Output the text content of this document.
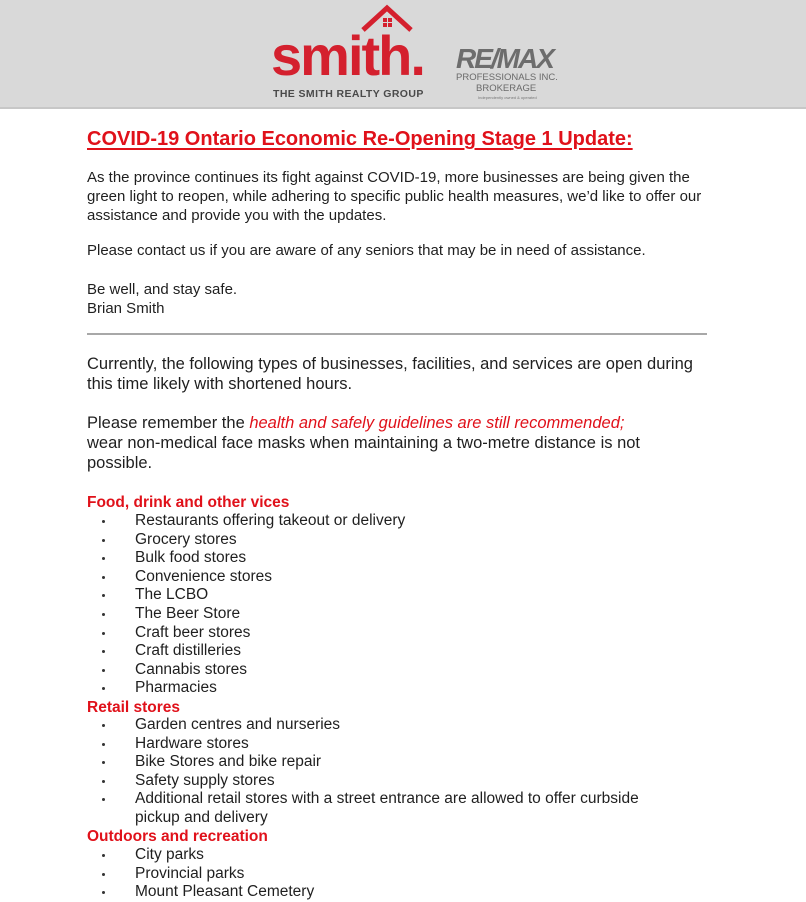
smith.
THE SMITH REALTY GROUP
RE/MAX
PROFESSIONALS INC.
BROKERAGE
Independently owned & operated
COVID-19 Ontario Economic Re-Opening Stage 1 Update:

As the province continues its fight against COVID-19, more businesses are being given the green light to reopen, while adhering to specific public health measures, we’d like to offer our assistance and provide you with the updates.

Please contact us if you are aware of any seniors that may be in need of assistance.

Be well, and stay safe.

Brian Smith

Currently, the following types of businesses, facilities, and services are open during this time likely with shortened hours.

Please remember the health and safely guidelines are still recommended;
wear non-medical face masks when maintaining a two-metre distance is not possible.

Food, drink and other vices
Restaurants offering takeout or delivery
Grocery stores
Bulk food stores
Convenience stores
The LCBO
The Beer Store
Craft beer stores
Craft distilleries
Cannabis stores
Pharmacies
Retail stores
Garden centres and nurseries
Hardware stores
Bike Stores and bike repair
Safety supply stores
Additional retail stores with a street entrance are allowed to offer curbside pickup and delivery
Outdoors and recreation
City parks
Provincial parks
Mount Pleasant Cemetery
